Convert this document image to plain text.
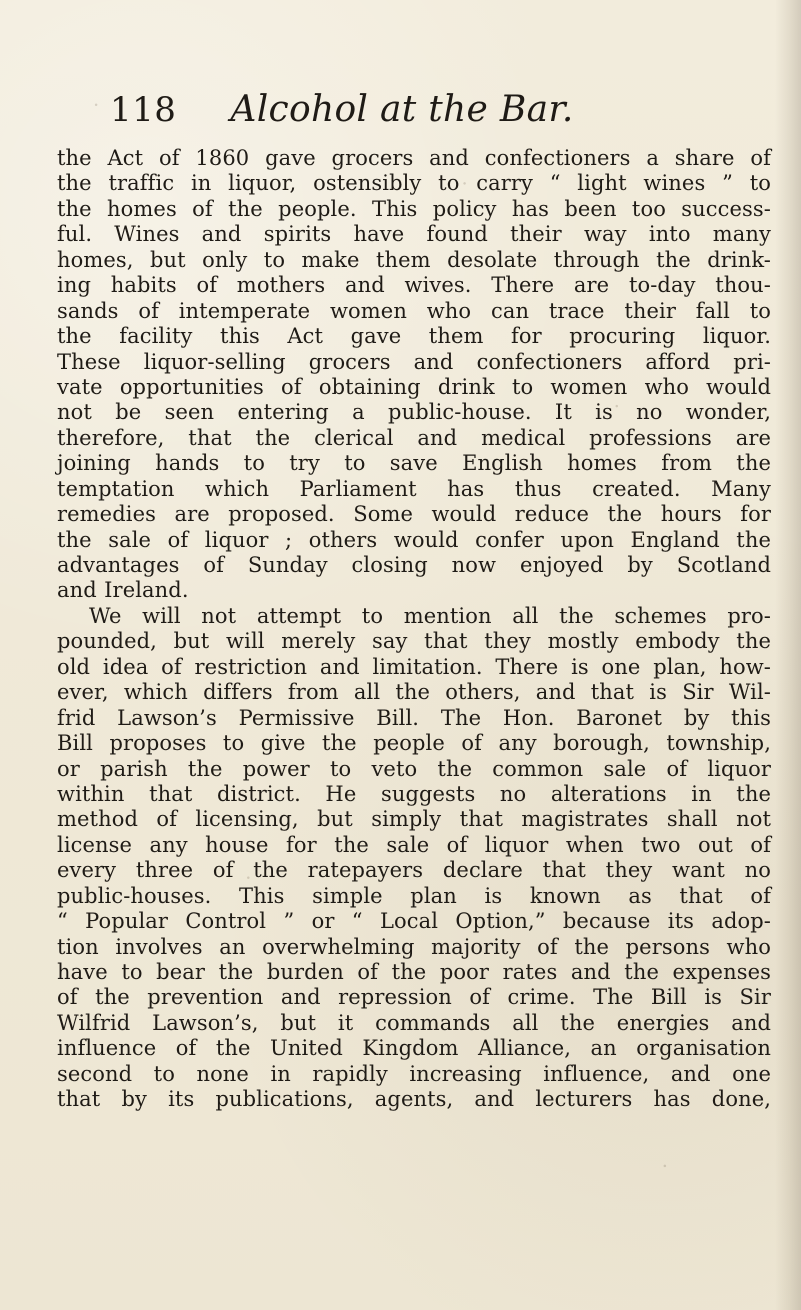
118 Alcohol at the Bar.
the Act of 1860 gave grocers and confectioners a share of
the traffic in liquor, ostensibly to carry “ light wines ” to
the homes of the people. This policy has been too success-
ful. Wines and spirits have found their way into many
homes, but only to make them desolate through the drink-
ing habits of mothers and wives. There are to-day thou-
sands of intemperate women who can trace their fall to
the facility this Act gave them for procuring liquor.
These liquor-selling grocers and confectioners afford pri-
vate opportunities of obtaining drink to women who would
not be seen entering a public-house. It is no wonder,
therefore, that the clerical and medical professions are
joining hands to try to save English homes from the
temptation which Parliament has thus created. Many
remedies are proposed. Some would reduce the hours for
the sale of liquor ; others would confer upon England the
advantages of Sunday closing now enjoyed by Scotland
and Ireland.
We will not attempt to mention all the schemes pro-
pounded, but will merely say that they mostly embody the
old idea of restriction and limitation. There is one plan, how-
ever, which differs from all the others, and that is Sir Wil-
frid Lawson’s Permissive Bill. The Hon. Baronet by this
Bill proposes to give the people of any borough, township,
or parish the power to veto the common sale of liquor
within that district. He suggests no alterations in the
method of licensing, but simply that magistrates shall not
license any house for the sale of liquor when two out of
every three of the ratepayers declare that they want no
public-houses. This simple plan is known as that of
“ Popular Control ” or “ Local Option,” because its adop-
tion involves an overwhelming majority of the persons who
have to bear the burden of the poor rates and the expenses
of the prevention and repression of crime. The Bill is Sir
Wilfrid Lawson’s, but it commands all the energies and
influence of the United Kingdom Alliance, an organisation
second to none in rapidly increasing influence, and one
that by its publications, agents, and lecturers has done,
